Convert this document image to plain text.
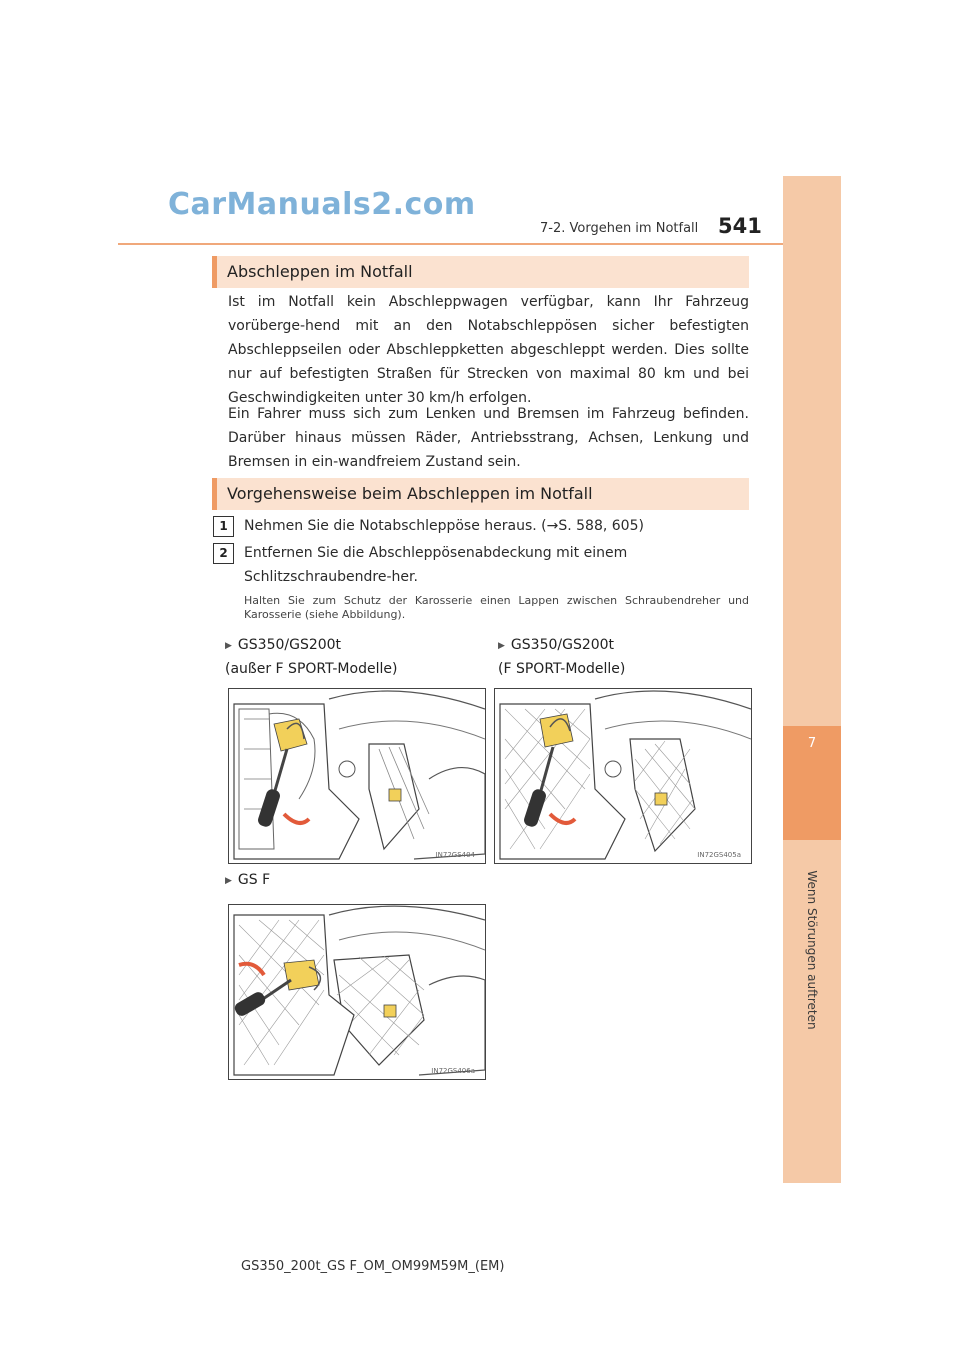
7
Wenn Störungen auftreten
CarManuals2.com
7-2. Vorgehen im Notfall 541
Abschleppen im Notfall
Ist im Notfall kein Abschleppwagen verfügbar, kann Ihr Fahrzeug vorüberge-hend mit an den Notabschleppösen sicher befestigten Abschleppseilen oder Abschleppketten abgeschleppt werden. Dies sollte nur auf befestigten Straßen für Strecken von maximal 80 km und bei Geschwindigkeiten unter 30 km/h erfolgen.
Ein Fahrer muss sich zum Lenken und Bremsen im Fahrzeug befinden. Darüber hinaus müssen Räder, Antriebsstrang, Achsen, Lenkung und Bremsen in ein-wandfreiem Zustand sein.
Vorgehensweise beim Abschleppen im Notfall
1	Nehmen Sie die Notabschleppöse heraus. (→S. 588, 605)
2	Entfernen Sie die Abschleppösenabdeckung mit einem Schlitzschraubendre-her.
Halten Sie zum Schutz der Karosserie einen Lappen zwischen Schraubendreher und Karosserie (siehe Abbildung).
▶ GS350/GS200t
(außer F SPORT-Modelle)
▶ GS350/GS200t
(F SPORT-Modelle)
▶ GS F
IN72GS404	IN72GS405a
IN72GS406a
GS350_200t_GS F_OM_OM99M59M_(EM)
